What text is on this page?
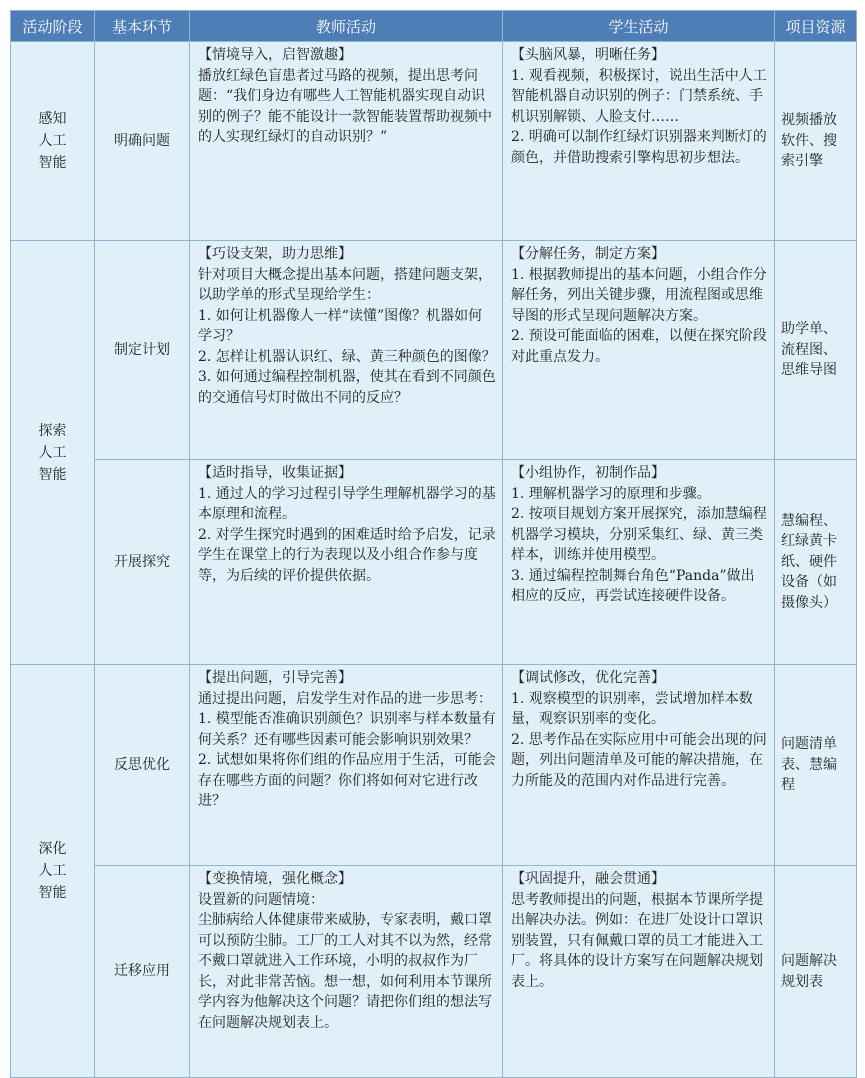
活动阶段	基本环节	教师活动	学生活动	项目资源

感知
人工
智能	明确问题	【情境导入，启智激趣】
播放红绿色盲患者过马路的视频，提出思考问题：“我们身边有哪些人工智能机器实现自动识别的例子？能不能设计一款智能装置帮助视频中的人实现红绿灯的自动识别？”	【头脑风暴，明晰任务】
1. 观看视频，积极探讨，说出生活中人工智能机器自动识别的例子：门禁系统、手机识别解锁、人脸支付……
2. 明确可以制作红绿灯识别器来判断灯的颜色，并借助搜索引擎构思初步想法。	视频播放软件、搜索引擎

探索
人工
智能	制定计划	【巧设支架，助力思维】
针对项目大概念提出基本问题，搭建问题支架，以助学单的形式呈现给学生：
1. 如何让机器像人一样“读懂”图像？机器如何学习？
2. 怎样让机器认识红、绿、黄三种颜色的图像？
3. 如何通过编程控制机器，使其在看到不同颜色的交通信号灯时做出不同的反应？	【分解任务，制定方案】
1. 根据教师提出的基本问题，小组合作分解任务，列出关键步骤，用流程图或思维导图的形式呈现问题解决方案。
2. 预设可能面临的困难，以便在探究阶段对此重点发力。	助学单、流程图、思维导图
	开展探究	【适时指导，收集证据】
1. 通过人的学习过程引导学生理解机器学习的基本原理和流程。
2. 对学生探究时遇到的困难适时给予启发，记录学生在课堂上的行为表现以及小组合作参与度等，为后续的评价提供依据。	【小组协作，初制作品】
1. 理解机器学习的原理和步骤。
2. 按项目规划方案开展探究，添加慧编程机器学习模块，分别采集红、绿、黄三类样本，训练并使用模型。
3. 通过编程控制舞台角色“Panda”做出相应的反应，再尝试连接硬件设备。	慧编程、红绿黄卡纸、硬件设备（如摄像头）

深化
人工
智能	反思优化	【提出问题，引导完善】
通过提出问题，启发学生对作品的进一步思考：
1. 模型能否准确识别颜色？识别率与样本数量有何关系？还有哪些因素可能会影响识别效果？
2. 试想如果将你们组的作品应用于生活，可能会存在哪些方面的问题？你们将如何对它进行改进？	【调试修改，优化完善】
1. 观察模型的识别率，尝试增加样本数量，观察识别率的变化。
2. 思考作品在实际应用中可能会出现的问题，列出问题清单及可能的解决措施，在力所能及的范围内对作品进行完善。	问题清单表、慧编程
	迁移应用	【变换情境，强化概念】
设置新的问题情境：
尘肺病给人体健康带来威胁，专家表明，戴口罩可以预防尘肺。工厂的工人对其不以为然，经常不戴口罩就进入工作环境，小明的叔叔作为厂长，对此非常苦恼。想一想，如何利用本节课所学内容为他解决这个问题？请把你们组的想法写在问题解决规划表上。	【巩固提升，融会贯通】
思考教师提出的问题，根据本节课所学提出解决办法。例如：在进厂处设计口罩识别装置，只有佩戴口罩的员工才能进入工厂。将具体的设计方案写在问题解决规划表上。	问题解决规划表
